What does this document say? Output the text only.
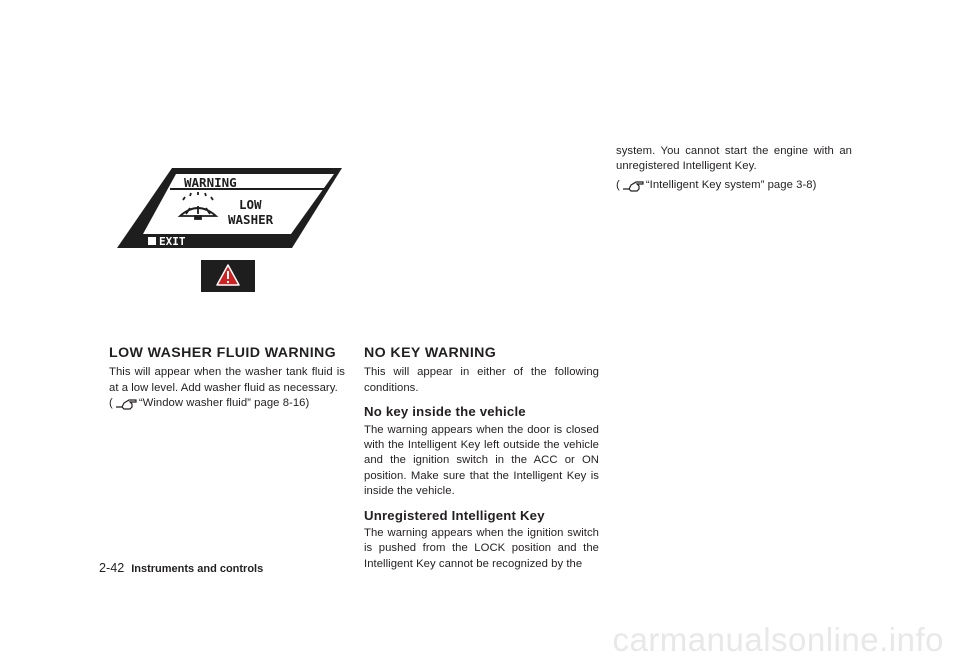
WARNING
LOW
WASHER
EXIT
LOW WASHER FLUID WARNING

This will appear when the washer tank fluid is at a low level. Add washer fluid as necessary.

( “Window washer fluid” page 8-16)
NO KEY WARNING

This will appear in either of the following conditions.

No key inside the vehicle

The warning appears when the door is closed with the Intelligent Key left outside the vehicle and the ignition switch in the ACC or ON position. Make sure that the Intelligent Key is inside the vehicle.

Unregistered Intelligent Key

The warning appears when the ignition switch is pushed from the LOCK position and the Intelligent Key cannot be recognized by the

system. You cannot start the engine with an unregistered Intelligent Key.

( “Intelligent Key system” page 3-8)
2-42 Instruments and controls
carmanualsonline.info
